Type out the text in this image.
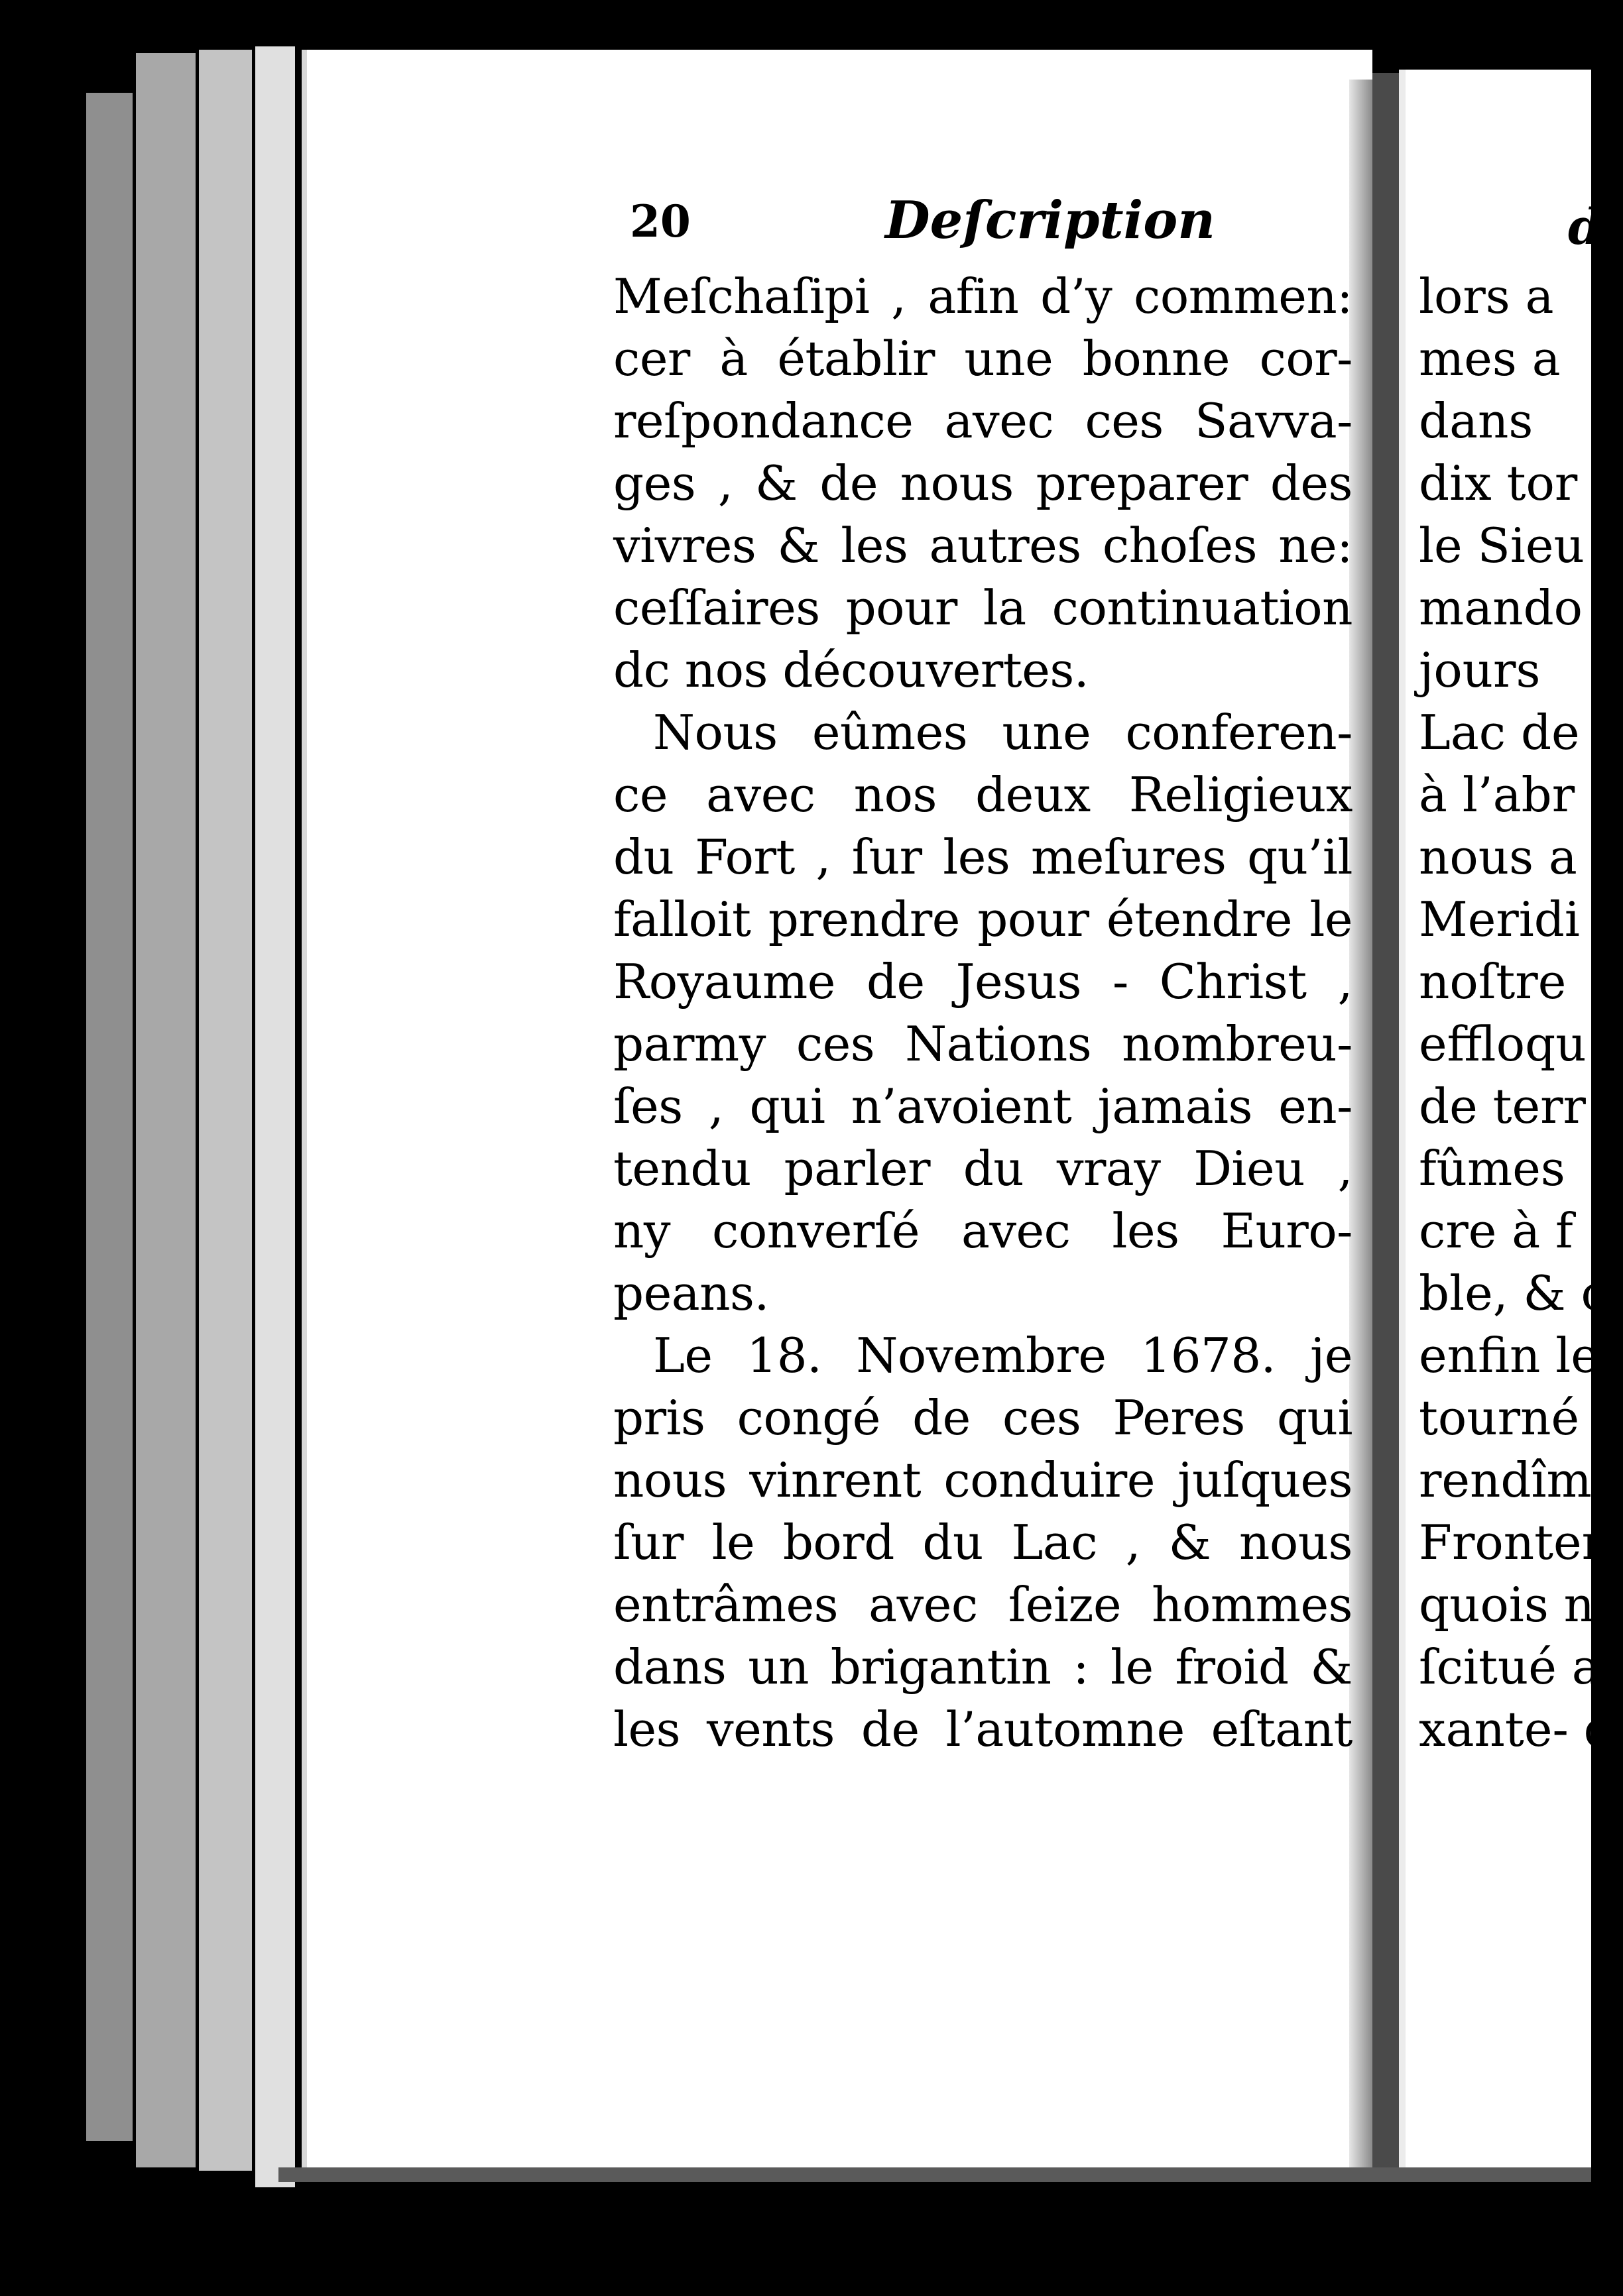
20	Deſcription
Meſchaſipi , afin d’y commen:
cer à établir une bonne cor-
reſpondance avec ces Savva-
ges , & de nous preparer des
vivres & les autres choſes ne:
ceſſaires pour la continuation
dc nos découvertes.
Nous eûmes une conferen-
ce avec nos deux Religieux
du Fort , ſur les meſures qu’il
falloit prendre pour étendre le
Royaume de Jesus - Christ ,
parmy ces Nations nombreu-
ſes , qui n’avoient jamais en-
tendu parler du vray Dieu ,
ny converſé avec les Euro-
peans.
Le 18. Novembre 1678. je
pris congé de ces Peres qui
nous vinrent conduire juſques
ſur le bord du Lac , & nous
entrâmes avec ſeize hommes
dans un brigantin : le froid &
les vents de l’automne eſtant
d
lors a
mes a
dans
dix tor
le Sieu
mando
jours
Lac de
à l’abr
nous a
Meridi
noſtre
effloqu
de terr
fûmes
cre à f
ble, & c
enfin le
tourné a
rendîme
Fronten
quois n
ſcitué a
xante- d
